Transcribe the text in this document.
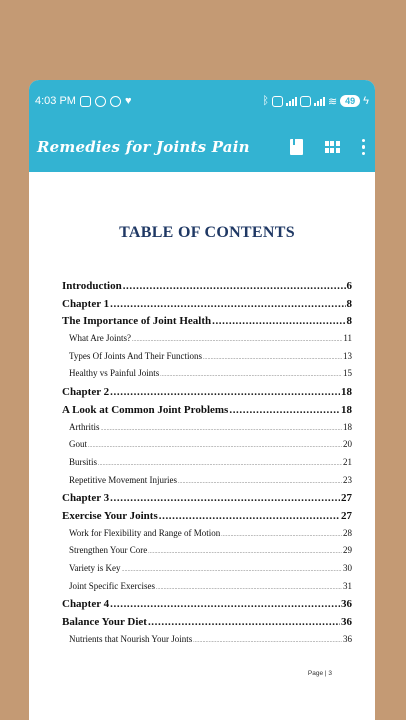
4:03 PM	♥	ᛒ	≋ 49 ϟ
Remedies for Joints Pain
TABLE OF CONTENTS
Introduction .....	6
Chapter 1 .....	8
The Importance of Joint Health .....	8
What Are Joints? .....	11
Types Of Joints And Their Functions .....	13
Healthy vs Painful Joints .....	15
Chapter 2 .....	18
A Look at Common Joint Problems .....	18
Arthritis .....	18
Gout .....	20
Bursitis .....	21
Repetitive Movement Injuries .....	23
Chapter 3 .....	27
Exercise Your Joints .....	27
Work for Flexibility and Range of Motion .....	28
Strengthen Your Core .....	29
Variety is Key .....	30
Joint Specific Exercises .....	31
Chapter 4 .....	36
Balance Your Diet .....	36
Nutrients that Nourish Your Joints .....	36
Page | 3
